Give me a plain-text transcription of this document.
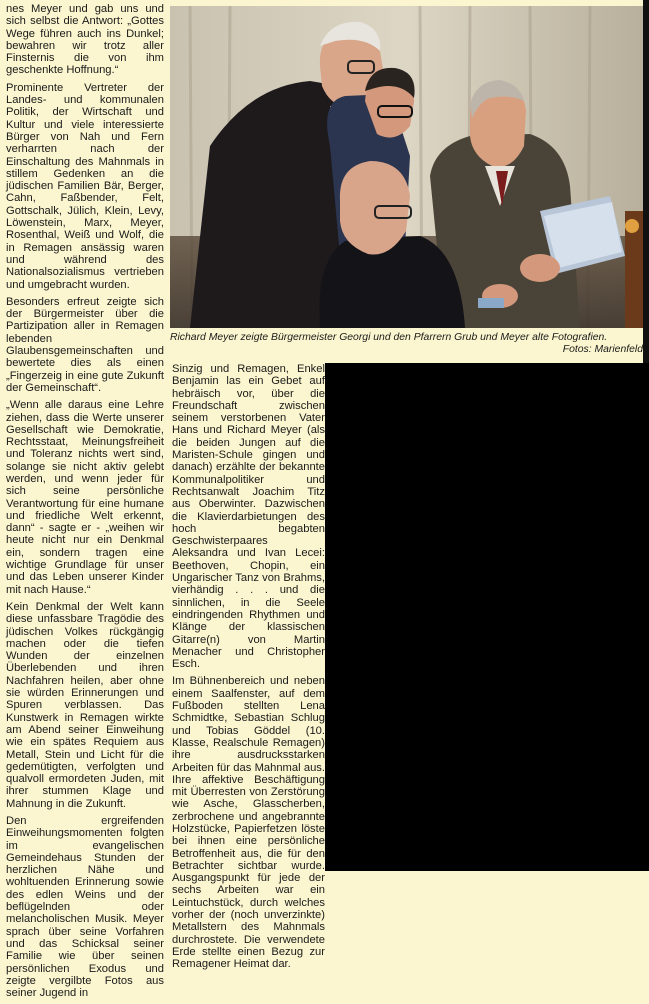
nes Meyer und gab uns und sich selbst die Antwort: „Gottes Wege führen auch ins Dunkel; bewahren wir trotz aller Finsternis die von ihm geschenkte Hoffnung.“

Prominente Vertreter der Landes- und kommunalen Politik, der Wirtschaft und Kultur und viele interessierte Bürger von Nah und Fern verharrten nach der Einschaltung des Mahnmals in stillem Gedenken an die jüdischen Familien Bär, Berger, Cahn, Faßbender, Felt, Gottschalk, Jülich, Klein, Levy, Löwenstein, Marx, Meyer, Rosenthal, Weiß und Wolf, die in Remagen ansässig waren und während des Nationalsozialismus vertrieben und umgebracht wurden.

Besonders erfreut zeigte sich der Bürgermeister über die Partizipation aller in Remagen lebenden Glaubensgemeinschaften und bewertete dies als einen „Fingerzeig in eine gute Zukunft der Gemeinschaft“.

„Wenn alle daraus eine Lehre ziehen, dass die Werte unserer Gesellschaft wie Demokratie, Rechtsstaat, Meinungsfreiheit und Toleranz nichts wert sind, solange sie nicht aktiv gelebt werden, und wenn jeder für sich seine persönliche Verantwortung für eine humane und friedliche Welt erkennt, dann“ - sagte er - „weihen wir heute nicht nur ein Denkmal ein, sondern tragen eine wichtige Grundlage für unser und das Leben unserer Kinder mit nach Hause.“

Kein Denkmal der Welt kann diese unfassbare Tragödie des jüdischen Volkes rückgängig machen oder die tiefen Wunden der einzelnen Überlebenden und ihren Nachfahren heilen, aber ohne sie würden Erinnerungen und Spuren verblassen. Das Kunstwerk in Remagen wirkte am Abend seiner Einweihung wie ein spätes Requiem aus Metall, Stein und Licht für die gedemütigten, verfolgten und qualvoll ermordeten Juden, mit ihrer stummen Klage und Mahnung in die Zukunft.

Den ergreifenden Einweihungsmomenten folgten im evangelischen Gemeindehaus Stunden der herzlichen Nähe und wohltuenden Erinnerung sowie des edlen Weins und der beflügelnden oder melancholischen Musik. Meyer sprach über seine Vorfahren und das Schicksal seiner Familie wie über seinen persönlichen Exodus und zeigte vergilbte Fotos aus seiner Jugend in

Richard Meyer zeigte Bürgermeister Georgi und den Pfarrern Grub und Meyer alte Fotografien.
Fotos: Marienfeld

Sinzig und Remagen, Enkel Benjamin las ein Gebet auf hebräisch vor, über die Freundschaft zwischen seinem verstorbenen Vater Hans und Richard Meyer (als die beiden Jungen auf die Maristen-Schule gingen und danach) erzählte der bekannte Kommunalpolitiker und Rechtsanwalt Joachim Titz aus Oberwinter. Dazwischen die Klavierdarbietungen des hoch begabten Geschwisterpaares Aleksandra und Ivan Lecei: Beethoven, Chopin, ein Ungarischer Tanz von Brahms, vierhändig . . . und die sinnlichen, in die Seele eindringenden Rhythmen und Klänge der klassischen Gitarre(n) von Martin Menacher und Christopher Esch.

Im Bühnenbereich und neben einem Saalfenster, auf dem Fußboden stellten Lena Schmidtke, Sebastian Schlug und Tobias Göddel (10. Klasse, Realschule Remagen) ihre ausdrucksstarken Arbeiten für das Mahnmal aus. Ihre affektive Beschäftigung mit Überresten von Zerstörung wie Asche, Glasscherben, zerbrochene und angebrannte Holzstücke, Papierfetzen löste bei ihnen eine persönliche Betroffenheit aus, die für den Betrachter sichtbar wurde. Ausgangspunkt für jede der sechs Arbeiten war ein Leintuchstück, durch welches vorher der (noch unverzinkte) Metallstern des Mahnmals durchrostete. Die verwendete Erde stellte einen Bezug zur Remagener Heimat dar.
